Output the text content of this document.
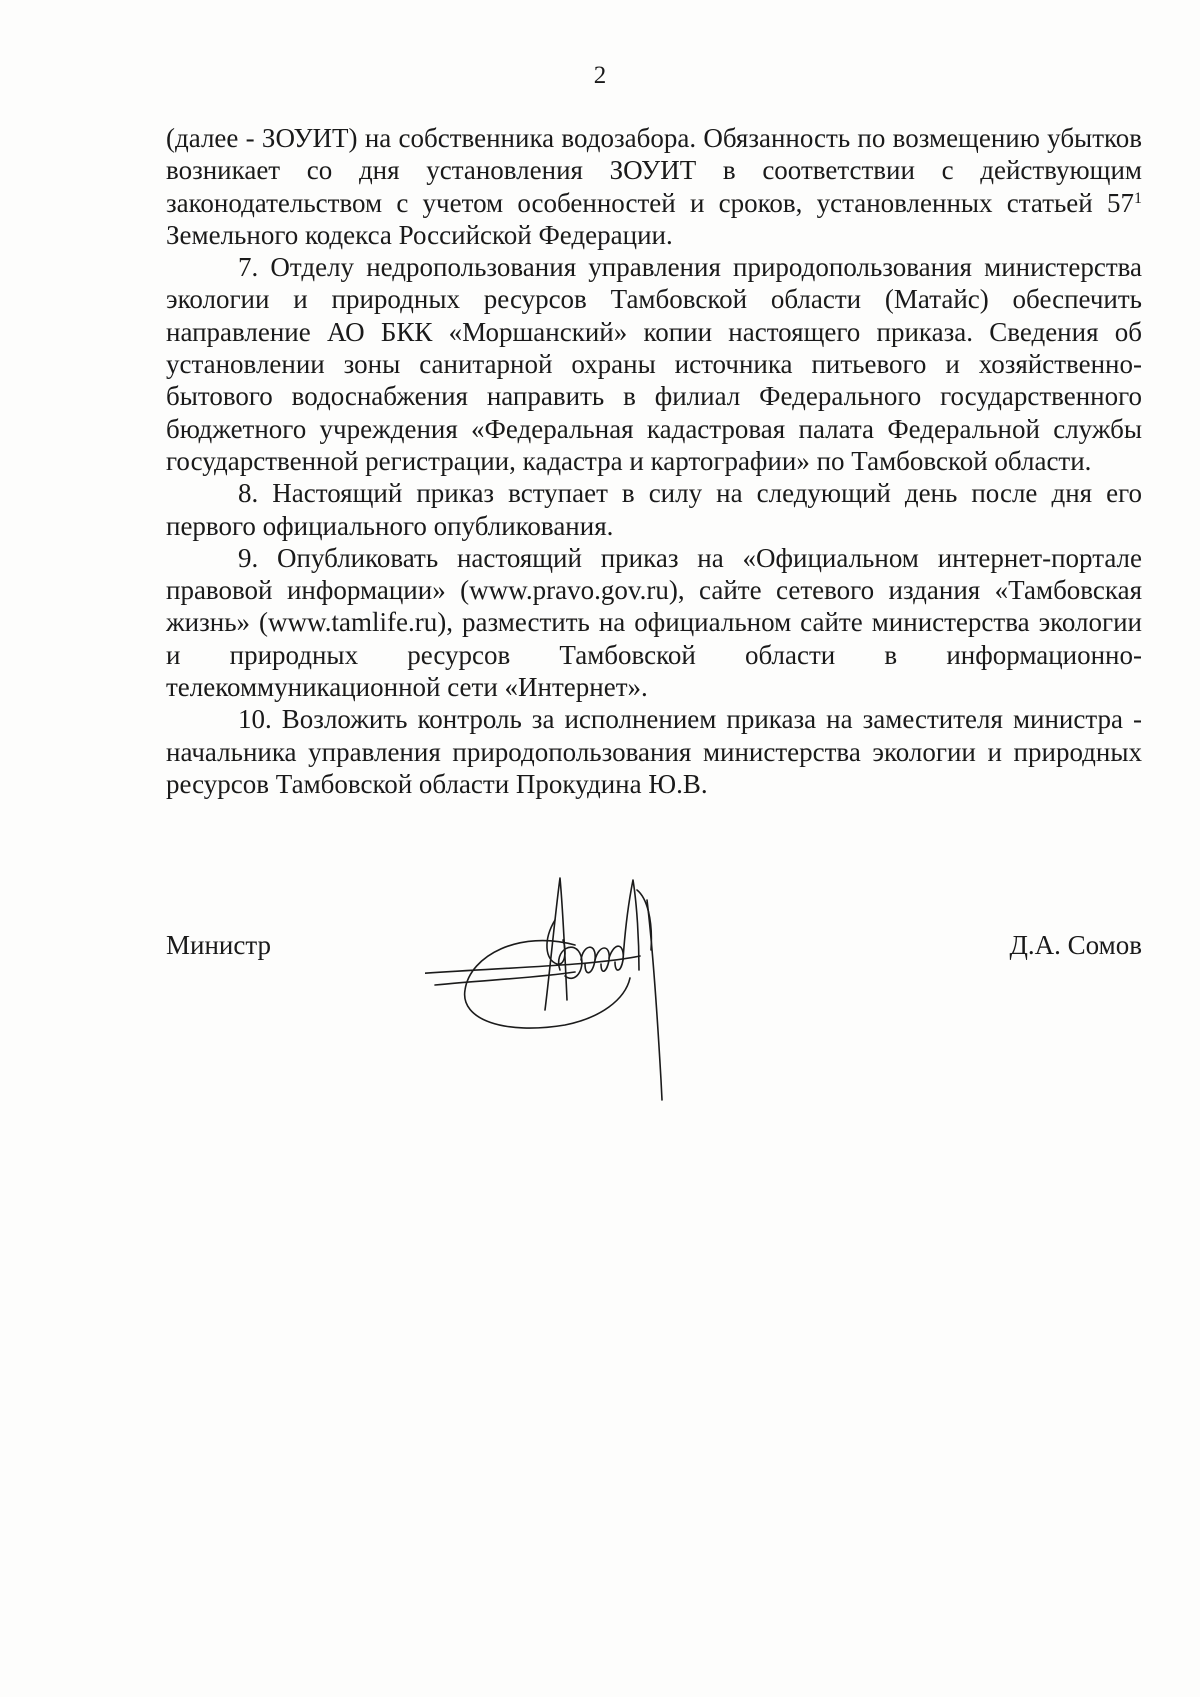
2

(далее - ЗОУИТ) на собственника водозабора. Обязанность по возмещению убытков возникает со дня установления ЗОУИТ в соответствии с действующим законодательством с учетом особенностей и сроков, установленных статьей $57^1$ Земельного кодекса Российской Федерации.

7. Отделу недропользования управления природопользования министерства экологии и природных ресурсов Тамбовской области (Матайс) обеспечить направление АО БКК «Моршанский» копии настоящего приказа. Сведения об установлении зоны санитарной охраны источника питьевого и хозяйственно-бытового водоснабжения направить в филиал Федерального государственного бюджетного учреждения «Федеральная кадастровая палата Федеральной службы государственной регистрации, кадастра и картографии» по Тамбовской области.

8. Настоящий приказ вступает в силу на следующий день после дня его первого официального опубликования.

9. Опубликовать настоящий приказ на «Официальном интернет-портале правовой информации» (www.pravo.gov.ru), сайте сетевого издания «Тамбовская жизнь» (www.tamlife.ru), разместить на официальном сайте министерства экологии и природных ресурсов Тамбовской области в информационно-телекоммуникационной сети «Интернет».

10. Возложить контроль за исполнением приказа на заместителя министра - начальника управления природопользования министерства экологии и природных ресурсов Тамбовской области Прокудина Ю.В.

Министр	Д.А. Сомов
